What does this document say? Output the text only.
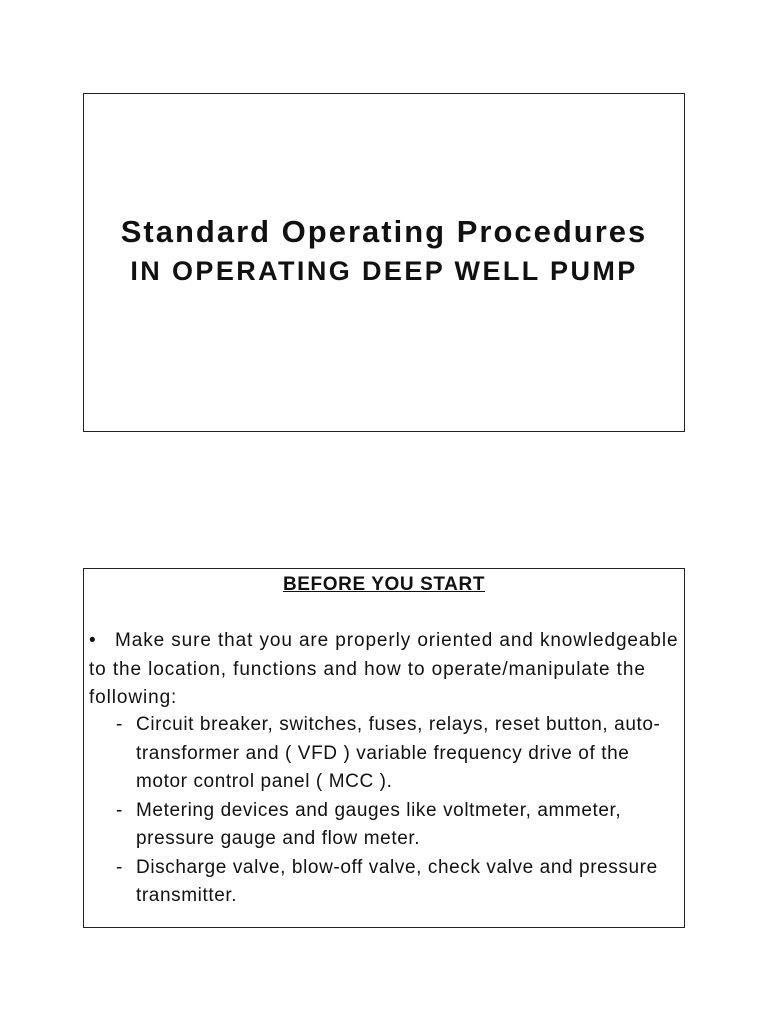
Standard Operating Procedures
IN OPERATING DEEP WELL PUMP
BEFORE YOU START
• Make sure that you are properly oriented and knowledgeable to the location, functions and how to operate/manipulate the following:
- Circuit breaker, switches, fuses, relays, reset button, auto-transformer and ( VFD ) variable frequency drive of the motor control panel ( MCC ).
- Metering devices and gauges like voltmeter, ammeter, pressure gauge and flow meter.
- Discharge valve, blow-off valve, check valve and pressure transmitter.
